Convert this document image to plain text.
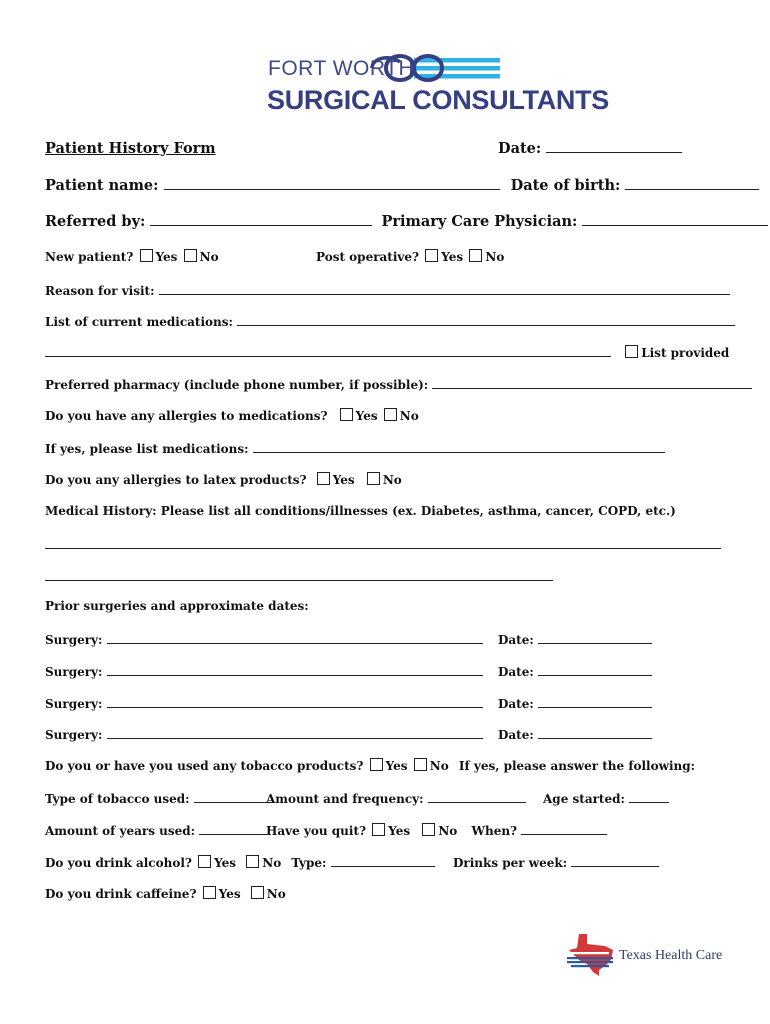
FORT WORTH
SURGICAL CONSULTANTS
Patient History Form	Date:
Patient name:	Date of birth:
Referred by:	Primary Care Physician:
New patient? Yes No	Post operative? Yes No
Reason for visit:
List of current medications:
List provided
Preferred pharmacy (include phone number, if possible):
Do you have any allergies to medications? Yes No
If yes, please list medications:
Do you any allergies to latex products? Yes No
Medical History: Please list all conditions/illnesses (ex. Diabetes, asthma, cancer, COPD, etc.)
Prior surgeries and approximate dates:
Surgery:	Date:
Surgery:	Date:
Surgery:	Date:
Surgery:	Date:
Do you or have you used any tobacco products? Yes No If yes, please answer the following:
Type of tobacco used:	Amount and frequency:	Age started:
Amount of years used:	Have you quit? Yes No When?
Do you drink alcohol? Yes No Type:	Drinks per week:
Do you drink caffeine? Yes No
Texas Health Care
